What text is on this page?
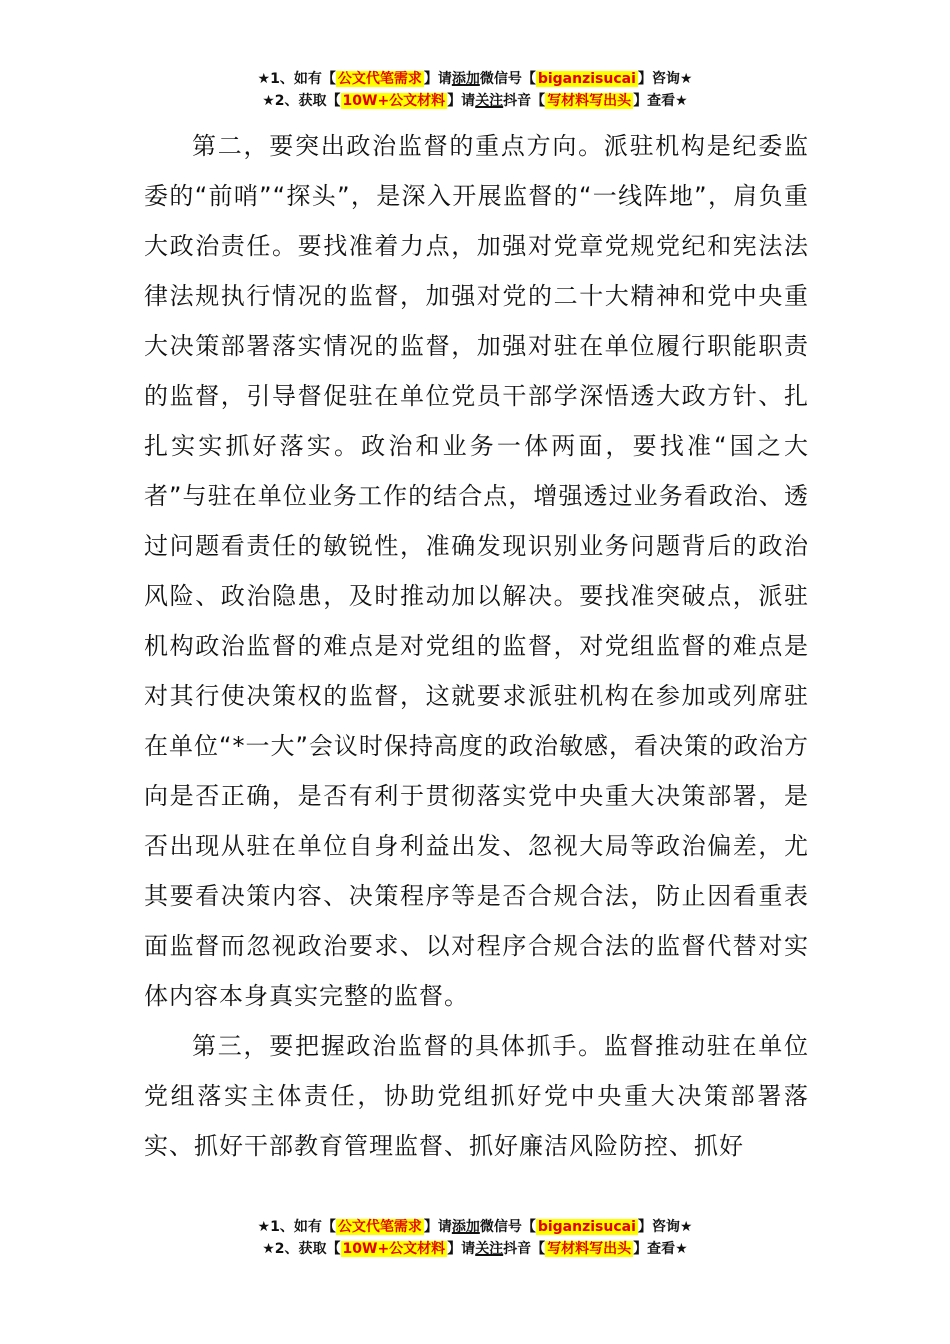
★1、如有【 公文代笔需求 】请添加微信号【 biganzisucai 】咨询★
★2、获取【 10W+公文材料 】请关注抖音【 写材料写出头 】查看★

第二，要突出政治监督的重点方向。派驻机构是纪委监委的“前哨”“探头”，是深入开展监督的“一线阵地”，肩负重大政治责任。要找准着力点，加强对党章党规党纪和宪法法律法规执行情况的监督，加强对党的二十大精神和党中央重大决策部署落实情况的监督，加强对驻在单位履行职能职责的监督，引导督促驻在单位党员干部学深悟透大政方针、扎扎实实抓好落实。政治和业务一体两面，要找准“国之大者”与驻在单位业务工作的结合点，增强透过业务看政治、透过问题看责任的敏锐性，准确发现识别业务问题背后的政治风险、政治隐患，及时推动加以解决。要找准突破点，派驻机构政治监督的难点是对党组的监督，对党组监督的难点是对其行使决策权的监督，这就要求派驻机构在参加或列席驻在单位“*一大”会议时保持高度的政治敏感，看决策的政治方向是否正确，是否有利于贯彻落实党中央重大决策部署，是否出现从驻在单位自身利益出发、忽视大局等政治偏差，尤其要看决策内容、决策程序等是否合规合法，防止因看重表面监督而忽视政治要求、以对程序合规合法的监督代替对实体内容本身真实完整的监督。

第三，要把握政治监督的具体抓手。监督推动驻在单位党组落实主体责任，协助党组抓好党中央重大决策部署落实、抓好干部教育管理监督、抓好廉洁风险防控、抓好

★1、如有【 公文代笔需求 】请添加微信号【 biganzisucai 】咨询★
★2、获取【 10W+公文材料 】请关注抖音【 写材料写出头 】查看★
